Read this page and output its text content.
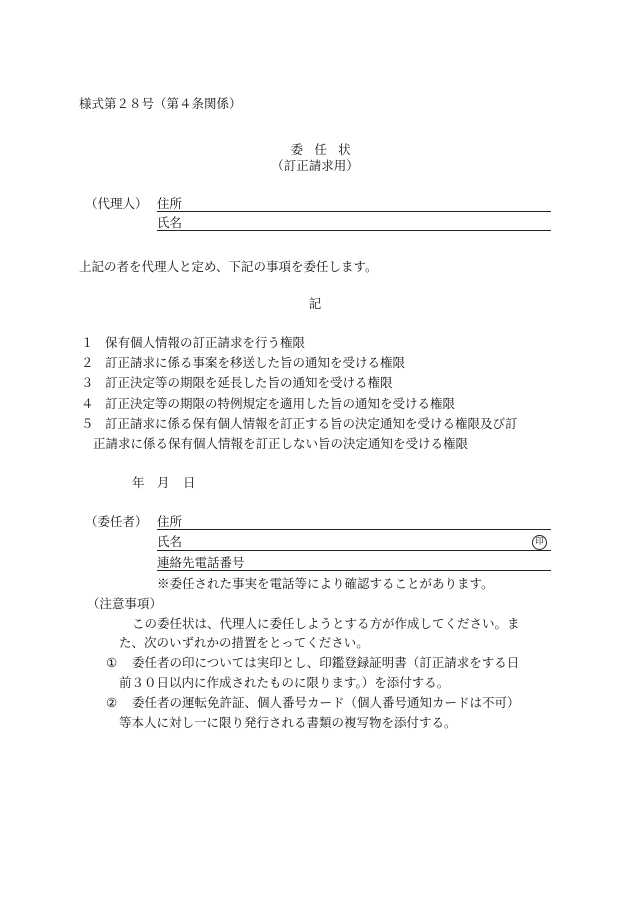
様式第２８号（第４条関係）
委任状
（訂正請求用）
（代理人） 住所
氏名
上記の者を代理人と定め、下記の事項を委任します。
記
１ 保有個人情報の訂正請求を行う権限
２ 訂正請求に係る事案を移送した旨の通知を受ける権限
３ 訂正決定等の期限を延長した旨の通知を受ける権限
４ 訂正決定等の期限の特例規定を適用した旨の通知を受ける権限
５ 訂正請求に係る保有個人情報を訂正する旨の決定通知を受ける権限及び訂
正請求に係る保有個人情報を訂正しない旨の決定通知を受ける権限
年 月 日
（委任者） 住所
氏名	印
連絡先電話番号
※委任された事実を電話等により確認することがあります。
（注意事項）
この委任状は、代理人に委任しようとする方が作成してください。ま
た、次のいずれかの措置をとってください。
① 委任者の印については実印とし、印鑑登録証明書（訂正請求をする日
前３０日以内に作成されたものに限ります。）を添付する。
② 委任者の運転免許証、個人番号カード（個人番号通知カードは不可）
等本人に対し一に限り発行される書類の複写物を添付する。
